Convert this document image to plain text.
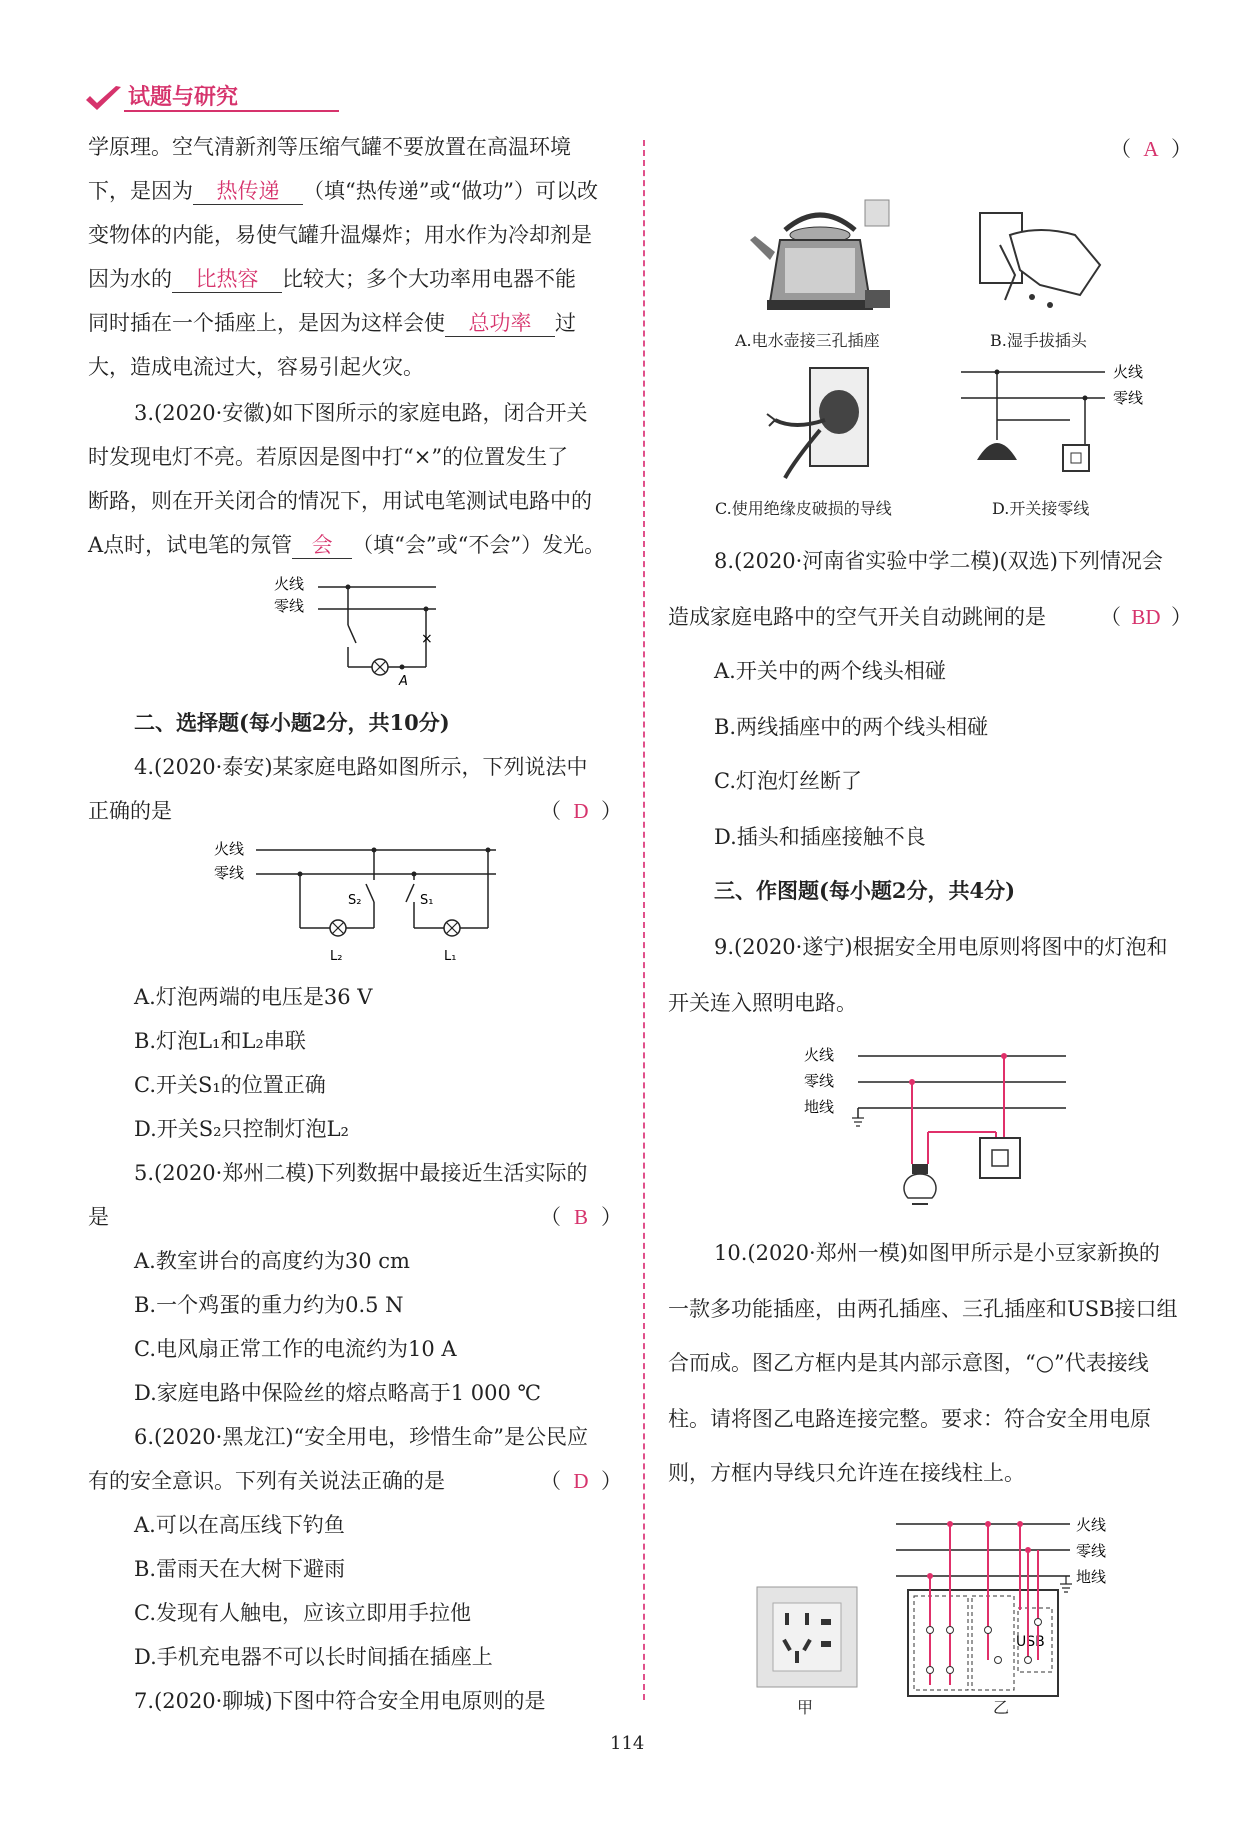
试题与研究
学原理。空气清新剂等压缩气罐不要放置在高温环境
下，是因为 热传递 （填“热传递”或“做功”）可以改
变物体的内能，易使气罐升温爆炸；用水作为冷却剂是
因为水的 比热容 比较大；多个大功率用电器不能
同时插在一个插座上，是因为这样会使 总功率 过
大，造成电流过大，容易引起火灾。
3.(2020·安徽)如下图所示的家庭电路，闭合开关
时发现电灯不亮。若原因是图中打“×”的位置发生了
断路，则在开关闭合的情况下，用试电笔测试电路中的
A点时，试电笔的氖管 会 （填“会”或“不会”）发光。
火线
零线
×
A
二、选择题(每小题2分，共10分)
4.(2020·泰安)某家庭电路如图所示，下列说法中
正确的是	（ D ）
火线
零线
S₂
L₂
S₁
L₁
A.灯泡两端的电压是36 V
B.灯泡L₁和L₂串联
C.开关S₁的位置正确
D.开关S₂只控制灯泡L₂
5.(2020·郑州二模)下列数据中最接近生活实际的
是	（ B ）
A.教室讲台的高度约为30 cm
B.一个鸡蛋的重力约为0.5 N
C.电风扇正常工作的电流约为10 A
D.家庭电路中保险丝的熔点略高于1 000 ℃
6.(2020·黑龙江)“安全用电，珍惜生命”是公民应
有的安全意识。下列有关说法正确的是	（ D ）
A.可以在高压线下钓鱼
B.雷雨天在大树下避雨
C.发现有人触电，应该立即用手拉他
D.手机充电器不可以长时间插在插座上
7.(2020·聊城)下图中符合安全用电原则的是
（ A ）
A.电水壶接三孔插座	B.湿手拔插头
C.使用绝缘皮破损的导线
火线
零线
D.开关接零线
8.(2020·河南省实验中学二模)(双选)下列情况会
造成家庭电路中的空气开关自动跳闸的是	（ BD ）
A.开关中的两个线头相碰
B.两线插座中的两个线头相碰
C.灯泡灯丝断了
D.插头和插座接触不良
三、作图题(每小题2分，共4分)
9.(2020·遂宁)根据安全用电原则将图中的灯泡和
开关连入照明电路。
火线
零线
地线
10.(2020·郑州一模)如图甲所示是小豆家新换的
一款多功能插座，由两孔插座、三孔插座和USB接口组
合而成。图乙方框内是其内部示意图，“○”代表接线
柱。请将图乙电路连接完整。要求：符合安全用电原
则，方框内导线只允许连在接线柱上。
甲
火线
零线
地线
USB
乙
114
